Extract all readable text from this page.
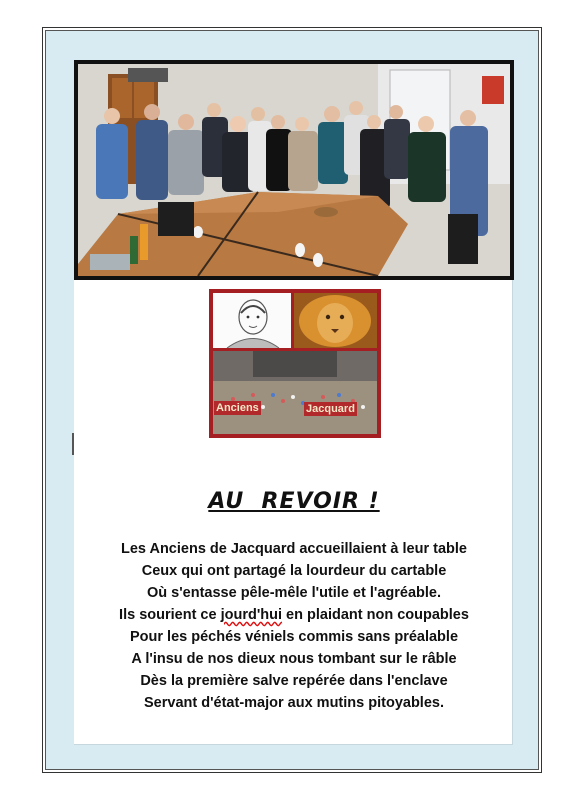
Anciens	Jacquard
AU  REVOIR !
Les Anciens de Jacquard accueillaient à leur table
Ceux qui ont partagé la lourdeur du cartable
Où s'entasse pêle-mêle l'utile et l'agréable.
Ils sourient ce jourd'hui en plaidant non coupables
Pour les péchés véniels commis sans préalable
A l'insu de nos dieux nous tombant sur le râble
Dès la première salve repérée dans l'enclave
Servant d'état-major aux mutins pitoyables.
